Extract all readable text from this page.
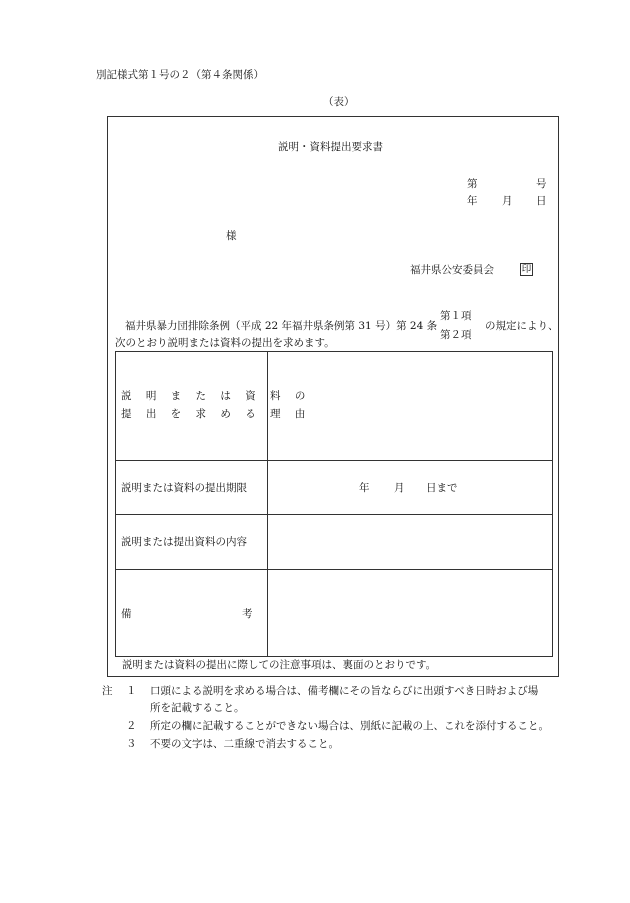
別記様式第１号の２（第４条関係）
（表）
説明・資料提出要求書
第	号
年 月 日
様
福井県公安委員会	印
福井県暴力団排除条例（平成 22 年福井県条例第 31 号）第 24 条
第１項
第２項
の規定により、
次のとおり説明または資料の提出を求めます。
説 明 ま た は 資 料 の
提 出 を 求 め る 理 由
説明または資料の提出期限	年 月 日まで
説明または提出資料の内容
備	考
説明または資料の提出に際しての注意事項は、裏面のとおりです。
注 １ 口頭による説明を求める場合は、備考欄にその旨ならびに出頭すべき日時および場
所を記載すること。
２ 所定の欄に記載することができない場合は、別紙に記載の上、これを添付すること。
３ 不要の文字は、二重線で消去すること。
